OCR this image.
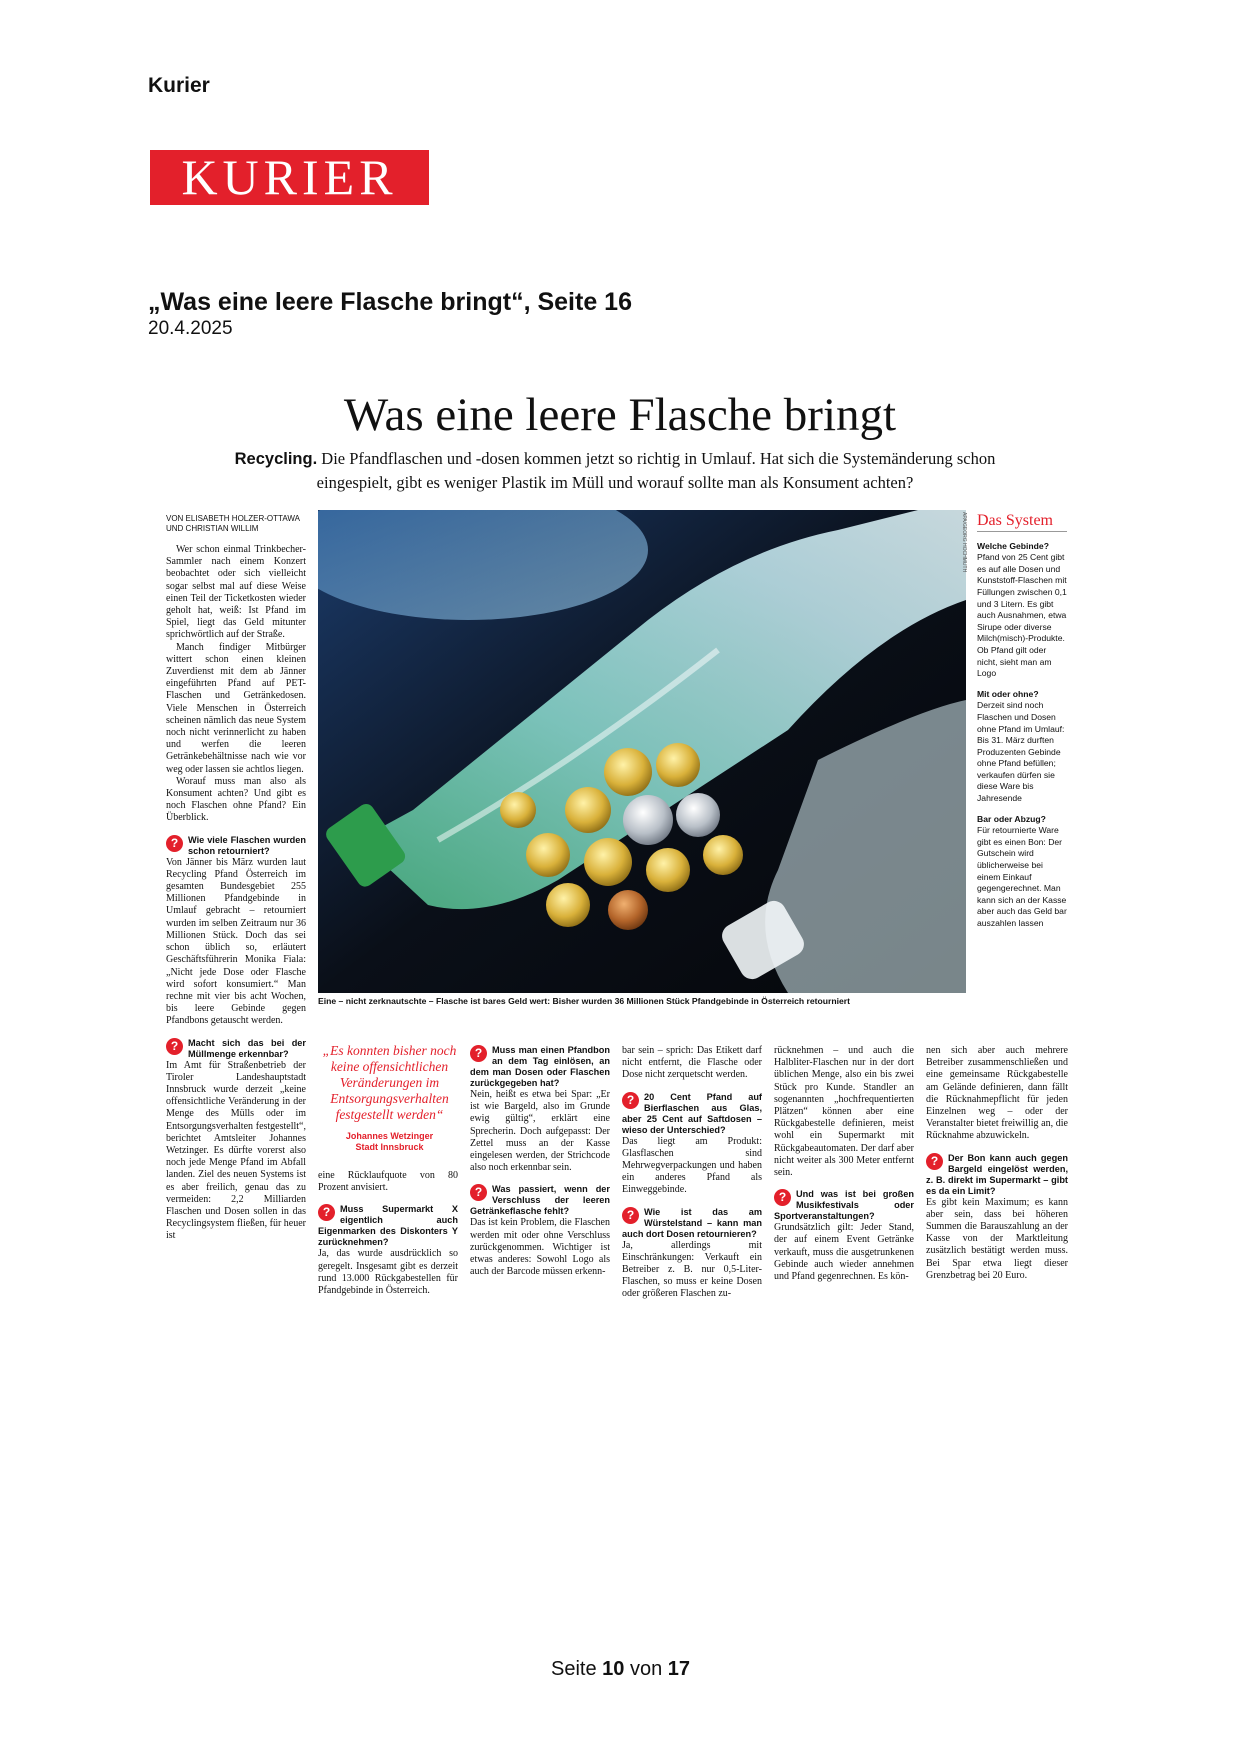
Kurier
KURIER
„Was eine leere Flasche bringt“, Seite 16
20.4.2025
Was eine leere Flasche bringt
Recycling. Die Pfandflaschen und -dosen kommen jetzt so richtig in Umlauf. Hat sich die Systemänderung schon eingespielt, gibt es weniger Plastik im Müll und worauf sollte man als Konsument achten?

VON ELISABETH HOLZER-OTTAWA
UND CHRISTIAN WILLIM

Wer schon einmal Trinkbecher-Sammler nach einem Konzert beobachtet oder sich vielleicht sogar selbst mal auf diese Weise einen Teil der Ticketkosten wieder geholt hat, weiß: Ist Pfand im Spiel, liegt das Geld mitunter sprichwörtlich auf der Straße.

Manch findiger Mitbürger wittert schon einen kleinen Zuverdienst mit dem ab Jänner eingeführten Pfand auf PET-Flaschen und Getränkedosen. Viele Menschen in Österreich scheinen nämlich das neue System noch nicht verinnerlicht zu haben und werfen die leeren Getränkebehältnisse nach wie vor weg oder lassen sie achtlos liegen.

Worauf muss man also als Konsument achten? Und gibt es noch Flaschen ohne Pfand? Ein Überblick.

?	Wie viele Flaschen wurden schon retourniert?

Von Jänner bis März wurden laut Recycling Pfand Österreich im gesamten Bundesgebiet 255 Millionen Pfandgebinde in Umlauf gebracht – retourniert wurden im selben Zeitraum nur 36 Millionen Stück. Doch das sei schon üblich so, erläutert Geschäftsführerin Monika Fiala: „Nicht jede Dose oder Flasche wird sofort konsumiert.“ Man rechne mit vier bis acht Wochen, bis leere Gebinde gegen Pfandbons getauscht werden.

?	Macht sich das bei der Müllmenge erkennbar?

Im Amt für Straßenbetrieb der Tiroler Landeshauptstadt Innsbruck wurde derzeit „keine offensichtliche Veränderung in der Menge des Mülls oder im Entsorgungsverhalten festgestellt“, berichtet Amtsleiter Johannes Wetzinger. Es dürfte vorerst also noch jede Menge Pfand im Abfall landen. Ziel des neuen Systems ist es aber freilich, genau das zu vermeiden: 2,2 Milliarden Flaschen und Dosen sollen in das Recyclingsystem fließen, für heuer ist

APA/GEORG HOCHMUTH
Eine – nicht zerknautschte – Flasche ist bares Geld wert: Bisher wurden 36 Millionen Stück Pfandgebinde in Österreich retourniert
Das System
Welche Gebinde?
Pfand von 25 Cent gibt es auf alle Dosen und Kunststoff-Flaschen mit Füllungen zwischen 0,1 und 3 Litern. Es gibt auch Ausnahmen, etwa Sirupe oder diverse Milch(misch)-Produkte. Ob Pfand gilt oder nicht, sieht man am Logo
Mit oder ohne?
Derzeit sind noch Flaschen und Dosen ohne Pfand im Umlauf: Bis 31. März durften Produzenten Gebinde ohne Pfand befüllen; verkaufen dürfen sie diese Ware bis Jahresende
Bar oder Abzug?
Für retournierte Ware gibt es einen Bon: Der Gutschein wird üblicherweise bei einem Einkauf gegengerechnet. Man kann sich an der Kasse aber auch das Geld bar auszahlen lassen
„Es konnten bisher noch keine offensichtlichen Veränderungen im Entsorgungsverhalten festgestellt werden“
Johannes Wetzinger
Stadt Innsbruck

eine Rücklaufquote von 80 Prozent anvisiert.

?	Muss Supermarkt X eigentlich auch Eigenmarken des Diskonters Y zurücknehmen?

Ja, das wurde ausdrücklich so geregelt. Insgesamt gibt es derzeit rund 13.000 Rückgabestellen für Pfandgebinde in Österreich.

?	Muss man einen Pfandbon an dem Tag einlösen, an dem man Dosen oder Flaschen zurückgegeben hat?

Nein, heißt es etwa bei Spar: „Er ist wie Bargeld, also im Grunde ewig gültig“, erklärt eine Sprecherin. Doch aufgepasst: Der Zettel muss an der Kasse eingelesen werden, der Strichcode also noch erkennbar sein.

?	Was passiert, wenn der Verschluss der leeren Getränkeflasche fehlt?

Das ist kein Problem, die Flaschen werden mit oder ohne Verschluss zurückgenommen. Wichtiger ist etwas anderes: Sowohl Logo als auch der Barcode müssen erkenn-

bar sein – sprich: Das Etikett darf nicht entfernt, die Flasche oder Dose nicht zerquetscht werden.

?	20 Cent Pfand auf Bierflaschen aus Glas, aber 25 Cent auf Saftdosen – wieso der Unterschied?

Das liegt am Produkt: Glasflaschen sind Mehrwegverpackungen und haben ein anderes Pfand als Einweggebinde.

?	Wie ist das am Würstelstand – kann man auch dort Dosen retournieren?

Ja, allerdings mit Einschränkungen: Verkauft ein Betreiber z. B. nur 0,5-Liter-Flaschen, so muss er keine Dosen oder größeren Flaschen zu-

rücknehmen – und auch die Halbliter-Flaschen nur in der dort üblichen Menge, also ein bis zwei Stück pro Kunde. Standler an sogenannten „hochfrequentierten Plätzen“ können aber eine Rückgabestelle definieren, meist wohl ein Supermarkt mit Rückgabeautomaten. Der darf aber nicht weiter als 300 Meter entfernt sein.

?	Und was ist bei großen Musikfestivals oder Sportveranstaltungen?

Grundsätzlich gilt: Jeder Stand, der auf einem Event Getränke verkauft, muss die ausgetrunkenen Gebinde auch wieder annehmen und Pfand gegenrechnen. Es kön-

nen sich aber auch mehrere Betreiber zusammenschließen und eine gemeinsame Rückgabestelle am Gelände definieren, dann fällt die Rücknahmepflicht für jeden Einzelnen weg – oder der Veranstalter bietet freiwillig an, die Rücknahme abzuwickeln.

?	Der Bon kann auch gegen Bargeld eingelöst werden, z. B. direkt im Supermarkt – gibt es da ein Limit?

Es gibt kein Maximum; es kann aber sein, dass bei höheren Summen die Barauszahlung an der Kasse von der Marktleitung zusätzlich bestätigt werden muss. Bei Spar etwa liegt dieser Grenzbetrag bei 20 Euro.

Seite 10 von 17
